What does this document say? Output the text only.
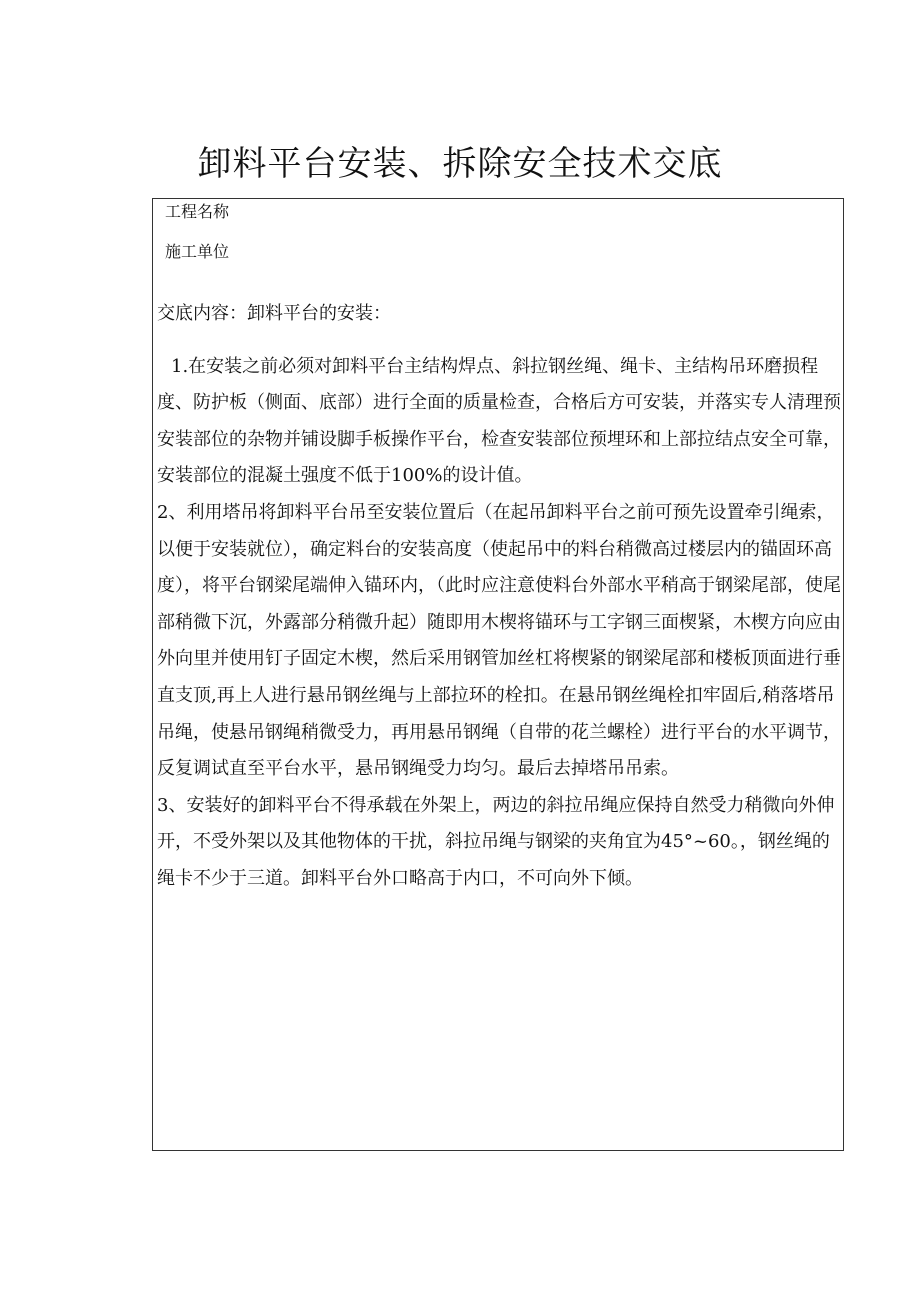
卸料平台安装、拆除安全技术交底
工程名称
施工单位

交底内容：卸料平台的安装：

1.在安装之前必须对卸料平台主结构焊点、斜拉钢丝绳、绳卡、主结构吊环磨损程度、防护板（侧面、底部）进行全面的质量检查，合格后方可安装，并落实专人清理预安装部位的杂物并铺设脚手板操作平台，检查安装部位预埋环和上部拉结点安全可靠，安装部位的混凝土强度不低于100%的设计值。

2、利用塔吊将卸料平台吊至安装位置后（在起吊卸料平台之前可预先设置牵引绳索，以便于安装就位），确定料台的安装高度（使起吊中的料台稍微高过楼层内的锚固环高度），将平台钢梁尾端伸入锚环内，（此时应注意使料台外部水平稍高于钢梁尾部，使尾部稍微下沉，外露部分稍微升起）随即用木楔将锚环与工字钢三面楔紧，木楔方向应由外向里并使用钉子固定木楔，然后采用钢管加丝杠将楔紧的钢梁尾部和楼板顶面进行垂直支顶,再上人进行悬吊钢丝绳与上部拉环的栓扣。在悬吊钢丝绳栓扣牢固后,稍落塔吊吊绳，使悬吊钢绳稍微受力，再用悬吊钢绳（自带的花兰螺栓）进行平台的水平调节，反复调试直至平台水平，悬吊钢绳受力均匀。最后去掉塔吊吊索。

3、安装好的卸料平台不得承载在外架上，两边的斜拉吊绳应保持自然受力稍微向外伸开，不受外架以及其他物体的干扰，斜拉吊绳与钢梁的夹角宜为45°~60。，钢丝绳的绳卡不少于三道。卸料平台外口略高于内口，不可向外下倾。
